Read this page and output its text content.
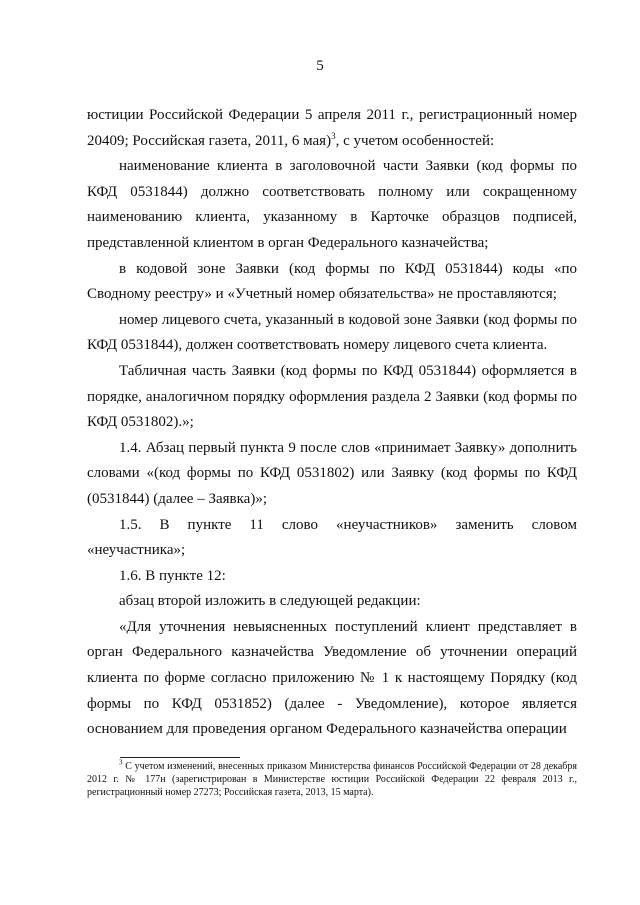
5

юстиции Российской Федерации 5 апреля 2011 г., регистрационный номер 20409; Российская газета, 2011, 6 мая)$^3$, с учетом особенностей:

наименование клиента в заголовочной части Заявки (код формы по КФД 0531844) должно соответствовать полному или сокращенному наименованию клиента, указанному в Карточке образцов подписей, представленной клиентом в орган Федерального казначейства;

в кодовой зоне Заявки (код формы по КФД 0531844) коды «по Сводному реестру» и «Учетный номер обязательства» не проставляются;

номер лицевого счета, указанный в кодовой зоне Заявки (код формы по КФД 0531844), должен соответствовать номеру лицевого счета клиента.

Табличная часть Заявки (код формы по КФД 0531844) оформляется в порядке, аналогичном порядку оформления раздела 2 Заявки (код формы по КФД 0531802).»;

1.4. Абзац первый пункта 9 после слов «принимает Заявку» дополнить словами «(код формы по КФД 0531802) или Заявку (код формы по КФД (0531844) (далее – Заявка)»;

1.5. В пункте 11 слово «неучастников» заменить словом «неучастника»;

1.6. В пункте 12:

абзац второй изложить в следующей редакции:

«Для уточнения невыясненных поступлений клиент представляет в орган Федерального казначейства Уведомление об уточнении операций клиента по форме согласно приложению № 1 к настоящему Порядку (код формы по КФД 0531852) (далее - Уведомление), которое является основанием для проведения органом Федерального казначейства операции

$^3$ С учетом изменений, внесенных приказом Министерства финансов Российской Федерации от 28 декабря 2012 г. № 177н (зарегистрирован в Министерстве юстиции Российской Федерации 22 февраля 2013 г., регистрационный номер 27273; Российская газета, 2013, 15 марта).
